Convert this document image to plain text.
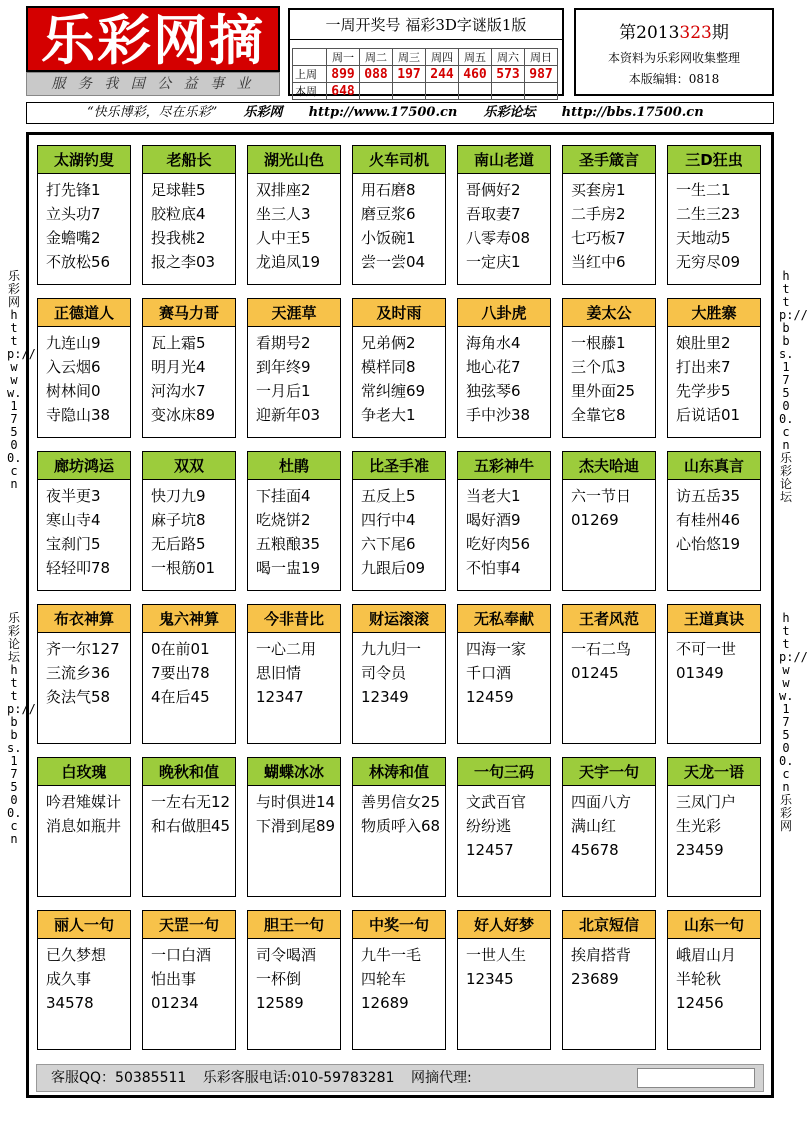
乐彩网摘
服 务 我 国 公 益 事 业
一周开奖号 福彩3D字谜版1版
	周一	周二	周三	周四	周五	周六	周日
上周	899	088	197	244	460	573	987
本周	648						
第2013323期
本资料为乐彩网收集整理
本版编辑：0818
“快乐博彩，尽在乐彩” 乐彩网 http://www.17500.cn 乐彩论坛 http://bbs.17500.cn
乐彩网 http://www.17500.cn
乐彩论坛 http://bbs.17500.cn
http://bbs.17500.cn 乐彩论坛
http://www.17500.cn 乐彩网
太湖钓叟
打先锋1
立头功7
金蟾嘴2
不放松56
老船长
足球鞋5
胶粒底4
投我桃2
报之李03
湖光山色
双排座2
坐三人3
人中王5
龙追凤19
火车司机
用石磨8
磨豆浆6
小饭碗1
尝一尝04
南山老道
哥俩好2
吾取妻7
八零寿08
一定庆1
圣手箴言
买套房1
二手房2
七巧板7
当红中6
三D狂虫
一生二1
二生三23
天地动5
无穷尽09
正德道人
九连山9
入云烟6
树林间0
寺隐山38
赛马力哥
瓦上霜5
明月光4
河沟水7
变冰床89
天涯草
看期号2
到年终9
一月后1
迎新年03
及时雨
兄弟俩2
模样同8
常纠缠69
争老大1
八卦虎
海角水4
地心花7
独弦琴6
手中沙38
姜太公
一根藤1
三个瓜3
里外面25
全靠它8
大胜寨
娘肚里2
打出来7
先学步5
后说话01
廊坊鸿运
夜半更3
寒山寺4
宝刹门5
轻轻叩78
双双
快刀九9
麻子坑8
无后路5
一根筋01
杜鹃
下挂面4
吃烧饼2
五粮酿35
喝一盅19
比圣手准
五反上5
四行中4
六下尾6
九跟后09
五彩神牛
当老大1
喝好酒9
吃好肉56
不怕事4
杰夫哈迪
六一节日
01269
山东真言
访五岳35
有桂州46
心怡悠19
布衣神算
齐一尔127
三流乡36
灸法气58
鬼六神算
0在前01
7要出78
4在后45
今非昔比
一心二用
思旧情
12347
财运滚滚
九九归一
司令员
12349
无私奉献
四海一家
千口酒
12459
王者风范
一石二鸟
01245
王道真诀
不可一世
01349
白玫瑰
吟君雉媒计
消息如瓶井
晚秋和值
一左右无12
和右做胆45
蝴蝶冰冰
与时俱进14
下滑到尾89
林涛和值
善男信女25
物质呼入68
一句三码
文武百官
纷纷逃
12457
天宇一句
四面八方
满山红
45678
天龙一语
三凤门户
生光彩
23459
丽人一句
已久梦想
成久事
34578
天罡一句
一口白酒
怕出事
01234
胆王一句
司令喝酒
一杯倒
12589
中奖一句
九牛一毛
四轮车
12689
好人好梦
一世人生
12345
北京短信
挨肩搭背
23689
山东一句
峨眉山月
半轮秋
12456
客服QQ：50385511 乐彩客服电话:010-59783281 网摘代理:
